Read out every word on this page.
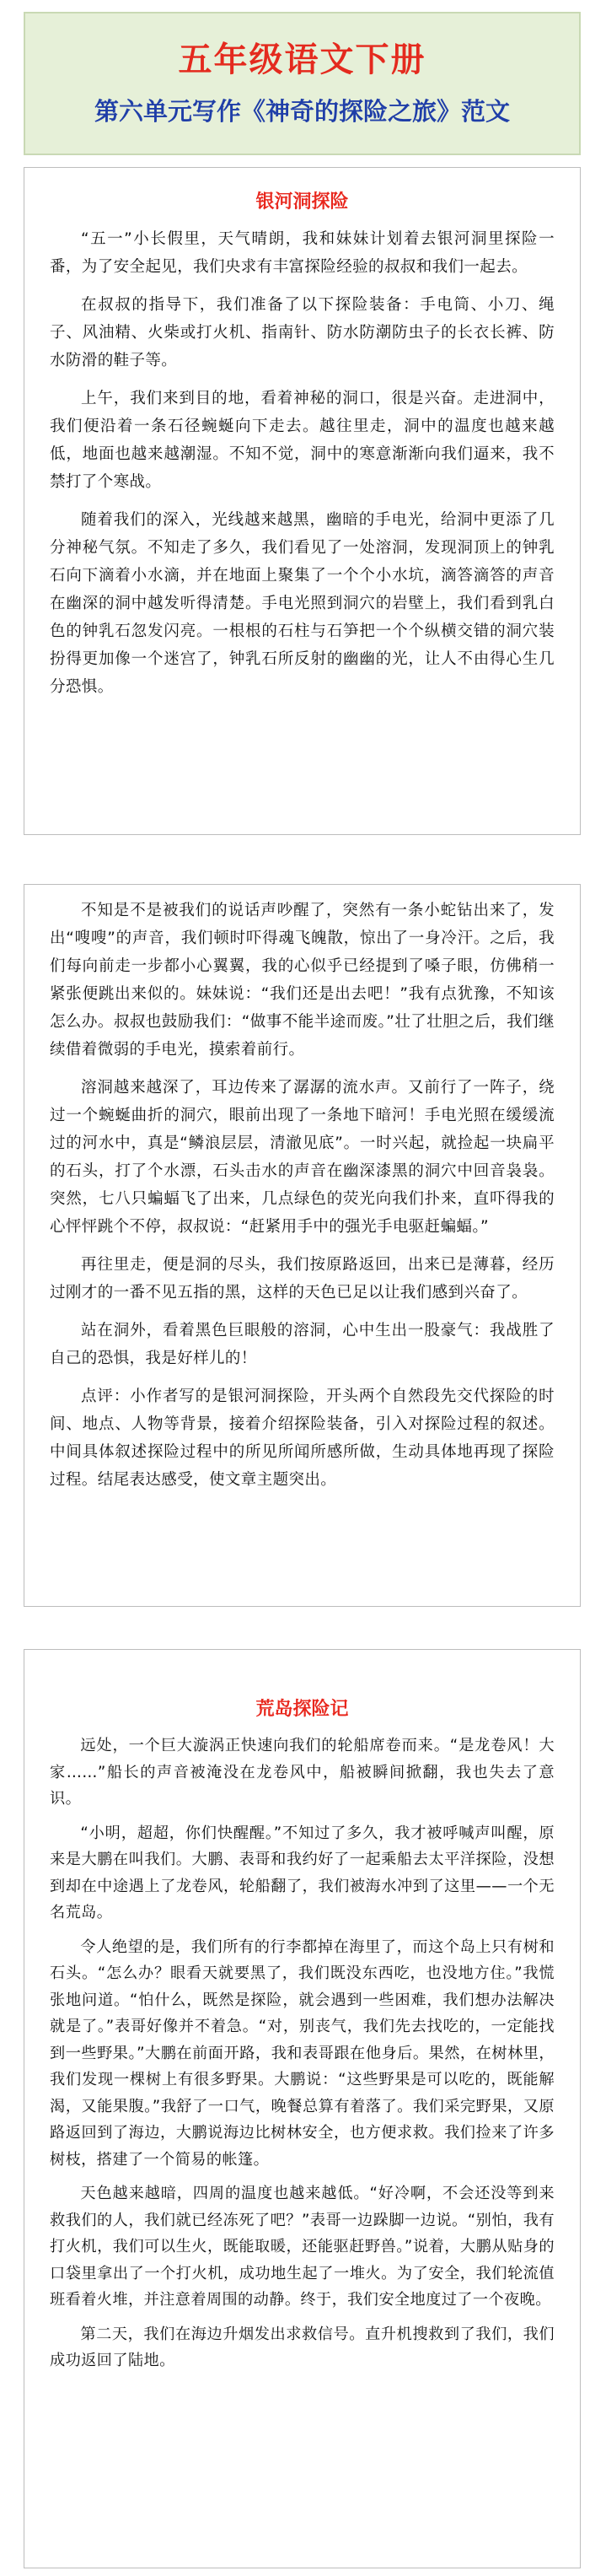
五年级语文下册
第六单元写作《神奇的探险之旅》范文
银河洞探险

“五一”小长假里，天气晴朗，我和妹妹计划着去银河洞里探险一番，为了安全起见，我们央求有丰富探险经验的叔叔和我们一起去。

在叔叔的指导下，我们准备了以下探险装备：手电筒、小刀、绳子、风油精、火柴或打火机、指南针、防水防潮防虫子的长衣长裤、防水防滑的鞋子等。

上午，我们来到目的地，看着神秘的洞口，很是兴奋。走进洞中，我们便沿着一条石径蜿蜒向下走去。越往里走，洞中的温度也越来越低，地面也越来越潮湿。不知不觉，洞中的寒意渐渐向我们逼来，我不禁打了个寒战。

随着我们的深入，光线越来越黑，幽暗的手电光，给洞中更添了几分神秘气氛。不知走了多久，我们看见了一处溶洞，发现洞顶上的钟乳石向下滴着小水滴，并在地面上聚集了一个个小水坑，滴答滴答的声音在幽深的洞中越发听得清楚。手电光照到洞穴的岩壁上，我们看到乳白色的钟乳石忽发闪亮。一根根的石柱与石笋把一个个纵横交错的洞穴装扮得更加像一个迷宫了，钟乳石所反射的幽幽的光，让人不由得心生几分恐惧。

不知是不是被我们的说话声吵醒了，突然有一条小蛇钻出来了，发出“嗖嗖”的声音，我们顿时吓得魂飞魄散，惊出了一身冷汗。之后，我们每向前走一步都小心翼翼，我的心似乎已经提到了嗓子眼，仿佛稍一紧张便跳出来似的。妹妹说：“我们还是出去吧！”我有点犹豫，不知该怎么办。叔叔也鼓励我们：“做事不能半途而废。”壮了壮胆之后，我们继续借着微弱的手电光，摸索着前行。

溶洞越来越深了，耳边传来了潺潺的流水声。又前行了一阵子，绕过一个蜿蜒曲折的洞穴，眼前出现了一条地下暗河！手电光照在缓缓流过的河水中，真是“鳞浪层层，清澈见底”。一时兴起，就捡起一块扁平的石头，打了个水漂，石头击水的声音在幽深漆黑的洞穴中回音袅袅。突然，七八只蝙蝠飞了出来，几点绿色的荧光向我们扑来，直吓得我的心怦怦跳个不停，叔叔说：“赶紧用手中的强光手电驱赶蝙蝠。”

再往里走，便是洞的尽头，我们按原路返回，出来已是薄暮，经历过刚才的一番不见五指的黑，这样的天色已足以让我们感到兴奋了。

站在洞外，看着黑色巨眼般的溶洞，心中生出一股豪气：我战胜了自己的恐惧，我是好样儿的！

点评：小作者写的是银河洞探险，开头两个自然段先交代探险的时间、地点、人物等背景，接着介绍探险装备，引入对探险过程的叙述。中间具体叙述探险过程中的所见所闻所感所做，生动具体地再现了探险过程。结尾表达感受，使文章主题突出。

荒岛探险记

远处，一个巨大漩涡正快速向我们的轮船席卷而来。“是龙卷风！大家……”船长的声音被淹没在龙卷风中，船被瞬间掀翻，我也失去了意识。

“小明，超超，你们快醒醒。”不知过了多久，我才被呼喊声叫醒，原来是大鹏在叫我们。大鹏、表哥和我约好了一起乘船去太平洋探险，没想到却在中途遇上了龙卷风，轮船翻了，我们被海水冲到了这里——一个无名荒岛。

令人绝望的是，我们所有的行李都掉在海里了，而这个岛上只有树和石头。“怎么办？眼看天就要黑了，我们既没东西吃，也没地方住。”我慌张地问道。“怕什么，既然是探险，就会遇到一些困难，我们想办法解决就是了。”表哥好像并不着急。“对，别丧气，我们先去找吃的，一定能找到一些野果。”大鹏在前面开路，我和表哥跟在他身后。果然，在树林里，我们发现一棵树上有很多野果。大鹏说：“这些野果是可以吃的，既能解渴，又能果腹。”我舒了一口气，晚餐总算有着落了。我们采完野果，又原路返回到了海边，大鹏说海边比树林安全，也方便求救。我们捡来了许多树枝，搭建了一个简易的帐篷。

天色越来越暗，四周的温度也越来越低。“好冷啊，不会还没等到来救我们的人，我们就已经冻死了吧？”表哥一边跺脚一边说。“别怕，我有打火机，我们可以生火，既能取暖，还能驱赶野兽。”说着，大鹏从贴身的口袋里拿出了一个打火机，成功地生起了一堆火。为了安全，我们轮流值班看着火堆，并注意着周围的动静。终于，我们安全地度过了一个夜晚。

第二天，我们在海边升烟发出求救信号。直升机搜救到了我们，我们成功返回了陆地。
